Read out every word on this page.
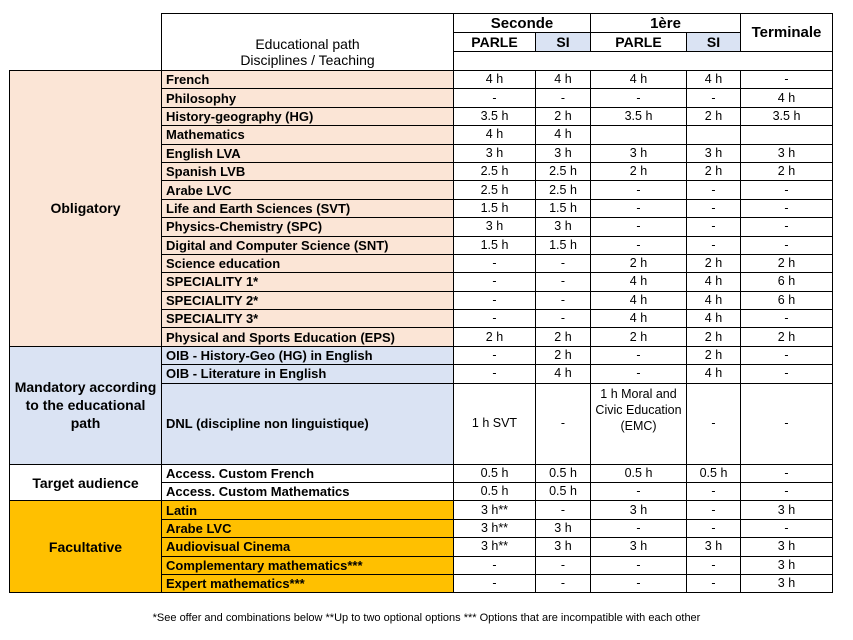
	Educational path	Seconde		1ère		Terminale
		PARLE	SI	PARLE	SI	
	Disciplines / Teaching					
Obligatory	French	4 h	4 h	4 h	4 h	-
	Philosophy	-	-	-	-	4 h
	History-geography (HG)	3.5 h	2 h	3.5 h	2 h	3.5 h
	Mathematics	4 h	4 h			
	English LVA	3 h	3 h	3 h	3 h	3 h
	Spanish LVB	2.5 h	2.5 h	2 h	2 h	2 h
	Arabe LVC	2.5 h	2.5 h	-	-	-
	Life and Earth Sciences (SVT)	1.5 h	1.5 h	-	-	-
	Physics-Chemistry (SPC)	3 h	3 h	-	-	-
	Digital and Computer Science (SNT)	1.5 h	1.5 h	-	-	-
	Science education	-	-	2 h	2 h	2 h
	SPECIALITY 1*	-	-	4 h	4 h	6 h
	SPECIALITY 2*	-	-	4 h	4 h	6 h
	SPECIALITY 3*	-	-	4 h	4 h	-
	Physical and Sports Education (EPS)	2 h	2 h	2 h	2 h	2 h
Mandatory according to the educational path	OIB - History-Geo (HG) in English	-	2 h	-	2 h	-
	OIB - Literature in English	-	4 h	-	4 h	-
	DNL (discipline non linguistique)	1 h SVT	-	1 h Moral and Civic Education (EMC)	-	-
Target audience	Access. Custom French	0.5 h	0.5 h	0.5 h	0.5 h	-
	Access. Custom Mathematics	0.5 h	0.5 h	-	-	-
Facultative	Latin	3 h**	-	3 h	-	3 h
	Arabe LVC	3 h**	3 h	-	-	-
	Audiovisual Cinema	3 h**	3 h	3 h	3 h	3 h
	Complementary mathematics***	-	-	-	-	3 h
	Expert mathematics***	-	-	-	-	3 h
*See offer and combinations below **Up to two optional options *** Options that are incompatible with each other
